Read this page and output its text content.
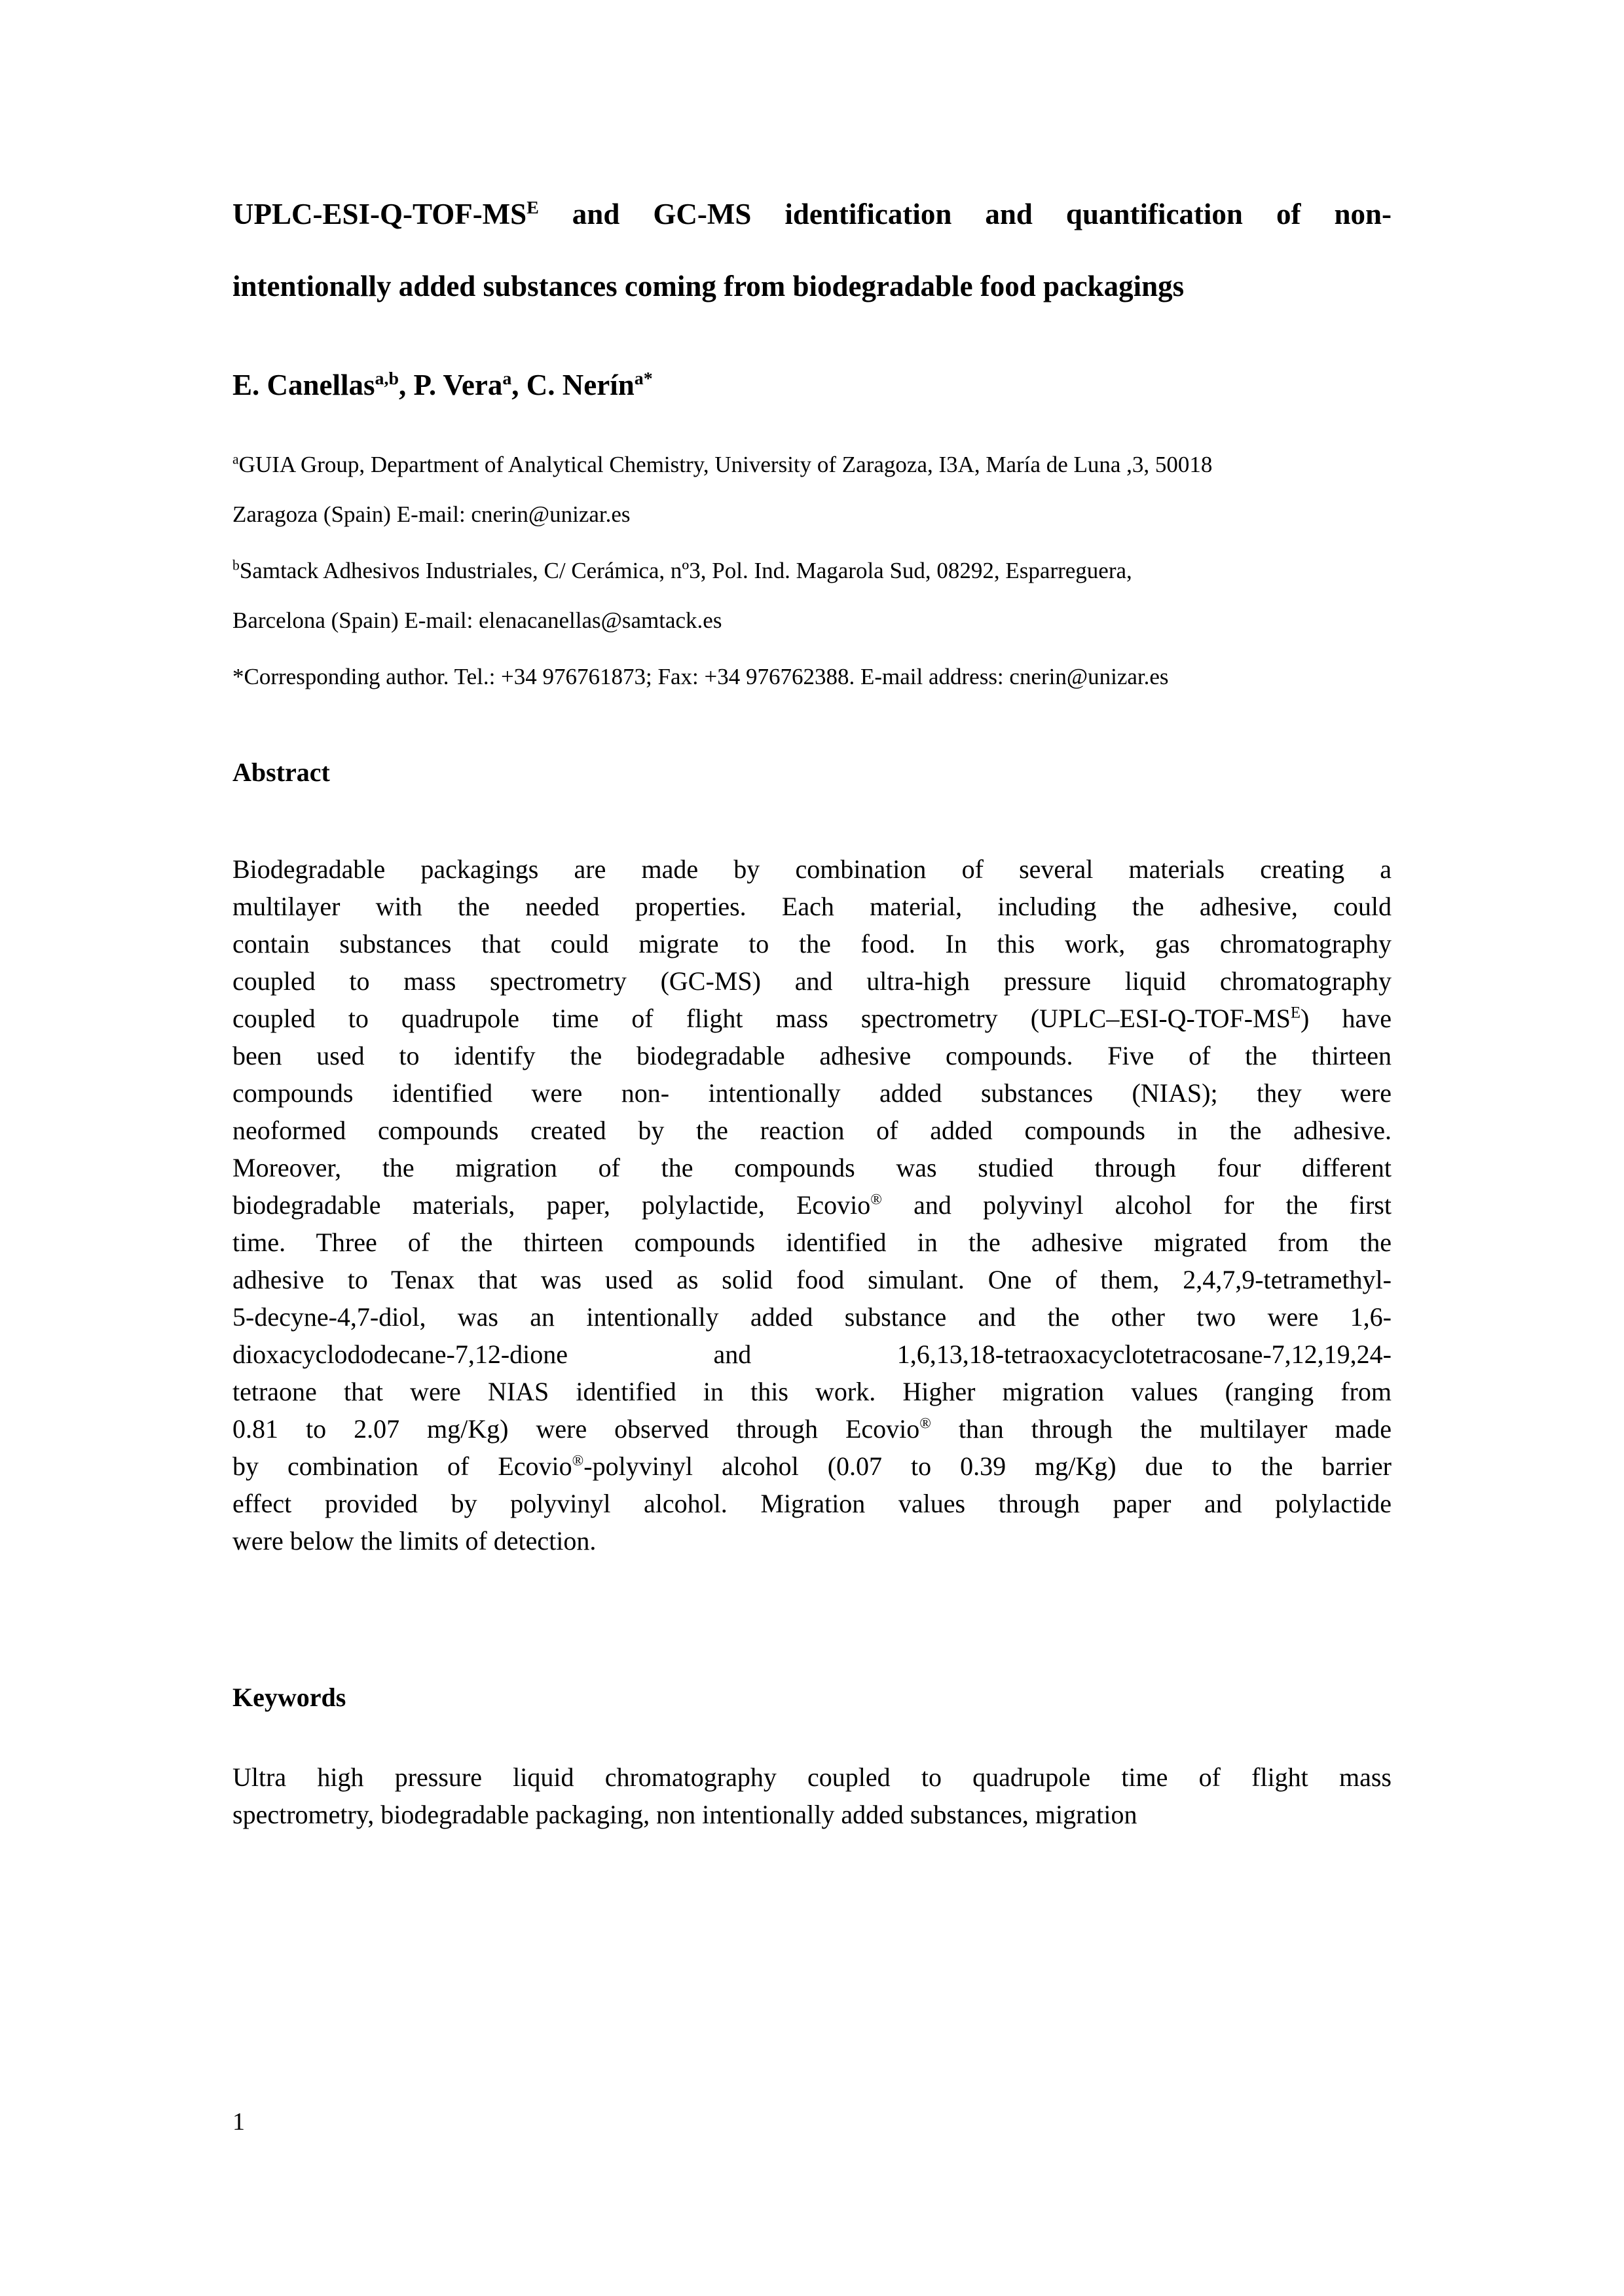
UPLC-$ESI-Q-TOF-MS^E$ and GC-MS identification and quantification of non-
intentionally added substances coming from biodegradable food packagings

E. Canellas$^{a,b}$, P. Vera$^a$, C. Nerín$^{a*}$

$^a$GUIA Group, Department of Analytical Chemistry, University of Zaragoza, I3A, María de Luna ,3, 50018
Zaragoza (Spain) E-mail: cnerin@unizar.es

$^b$Samtack Adhesivos Industriales, C/ Cerámica, nº3, Pol. Ind. Magarola Sud, 08292, Esparreguera,
Barcelona (Spain) E-mail: elenacanellas@samtack.es

*Corresponding author. Tel.: +34 976761873; Fax: +34 976762388. E-mail address: cnerin@unizar.es

Abstract
Biodegradable  packagings  are  made  by  combination  of  several  materials  creating  a
multilayer  with  the  needed  properties.  Each  material,  including  the  adhesive,  could
contain  substances  that  could  migrate  to  the  food.  In  this  work,  gas  chromatography
coupled to mass spectrometry (GC-MS) and ultra-high pressure liquid chromatography
coupled to quadrupole time of flight mass spectrometry $(UPLC-ESI-Q-TOF-MS^E)$ have
been  used  to  identify  the  biodegradable  adhesive  compounds.  Five  of  the  thirteen
compounds  identified  were  non-  intentionally  added  substances  (NIAS);  they  were
neoformed  compounds  created  by  the  reaction  of  added  compounds  in  the  adhesive.
Moreover,  the  migration  of  the  compounds  was  studied  through  four  different
biodegradable materials, paper, polylactide, Ecovio® and polyvinyl alcohol for the first
time.  Three  of  the  thirteen  compounds  identified  in  the  adhesive  migrated  from  the
adhesive to Tenax that was used as solid food simulant. One of them, 2,4,7,9-tetramethyl-
5-decyne-4,7-diol,  was  an  intentionally  added  substance  and  the  other  two  were  1,6-
dioxacyclododecane-7,12-dione    and    1,6,13,18-tetraoxacyclotetracosane-7,12,19,24-
tetraone that were NIAS identified in this work. Higher migration values (ranging from
0.81 to 2.07 mg/Kg) were observed through Ecovio® than through the multilayer made
by combination of Ecovio®-polyvinyl alcohol (0.07 to 0.39 mg/Kg) due to the barrier
effect provided by polyvinyl alcohol. Migration values through paper and polylactide
were below the limits of detection.
Keywords
Ultra  high  pressure  liquid  chromatography  coupled  to  quadrupole  time  of  flight  mass
spectrometry, biodegradable packaging, non intentionally added substances, migration
1
